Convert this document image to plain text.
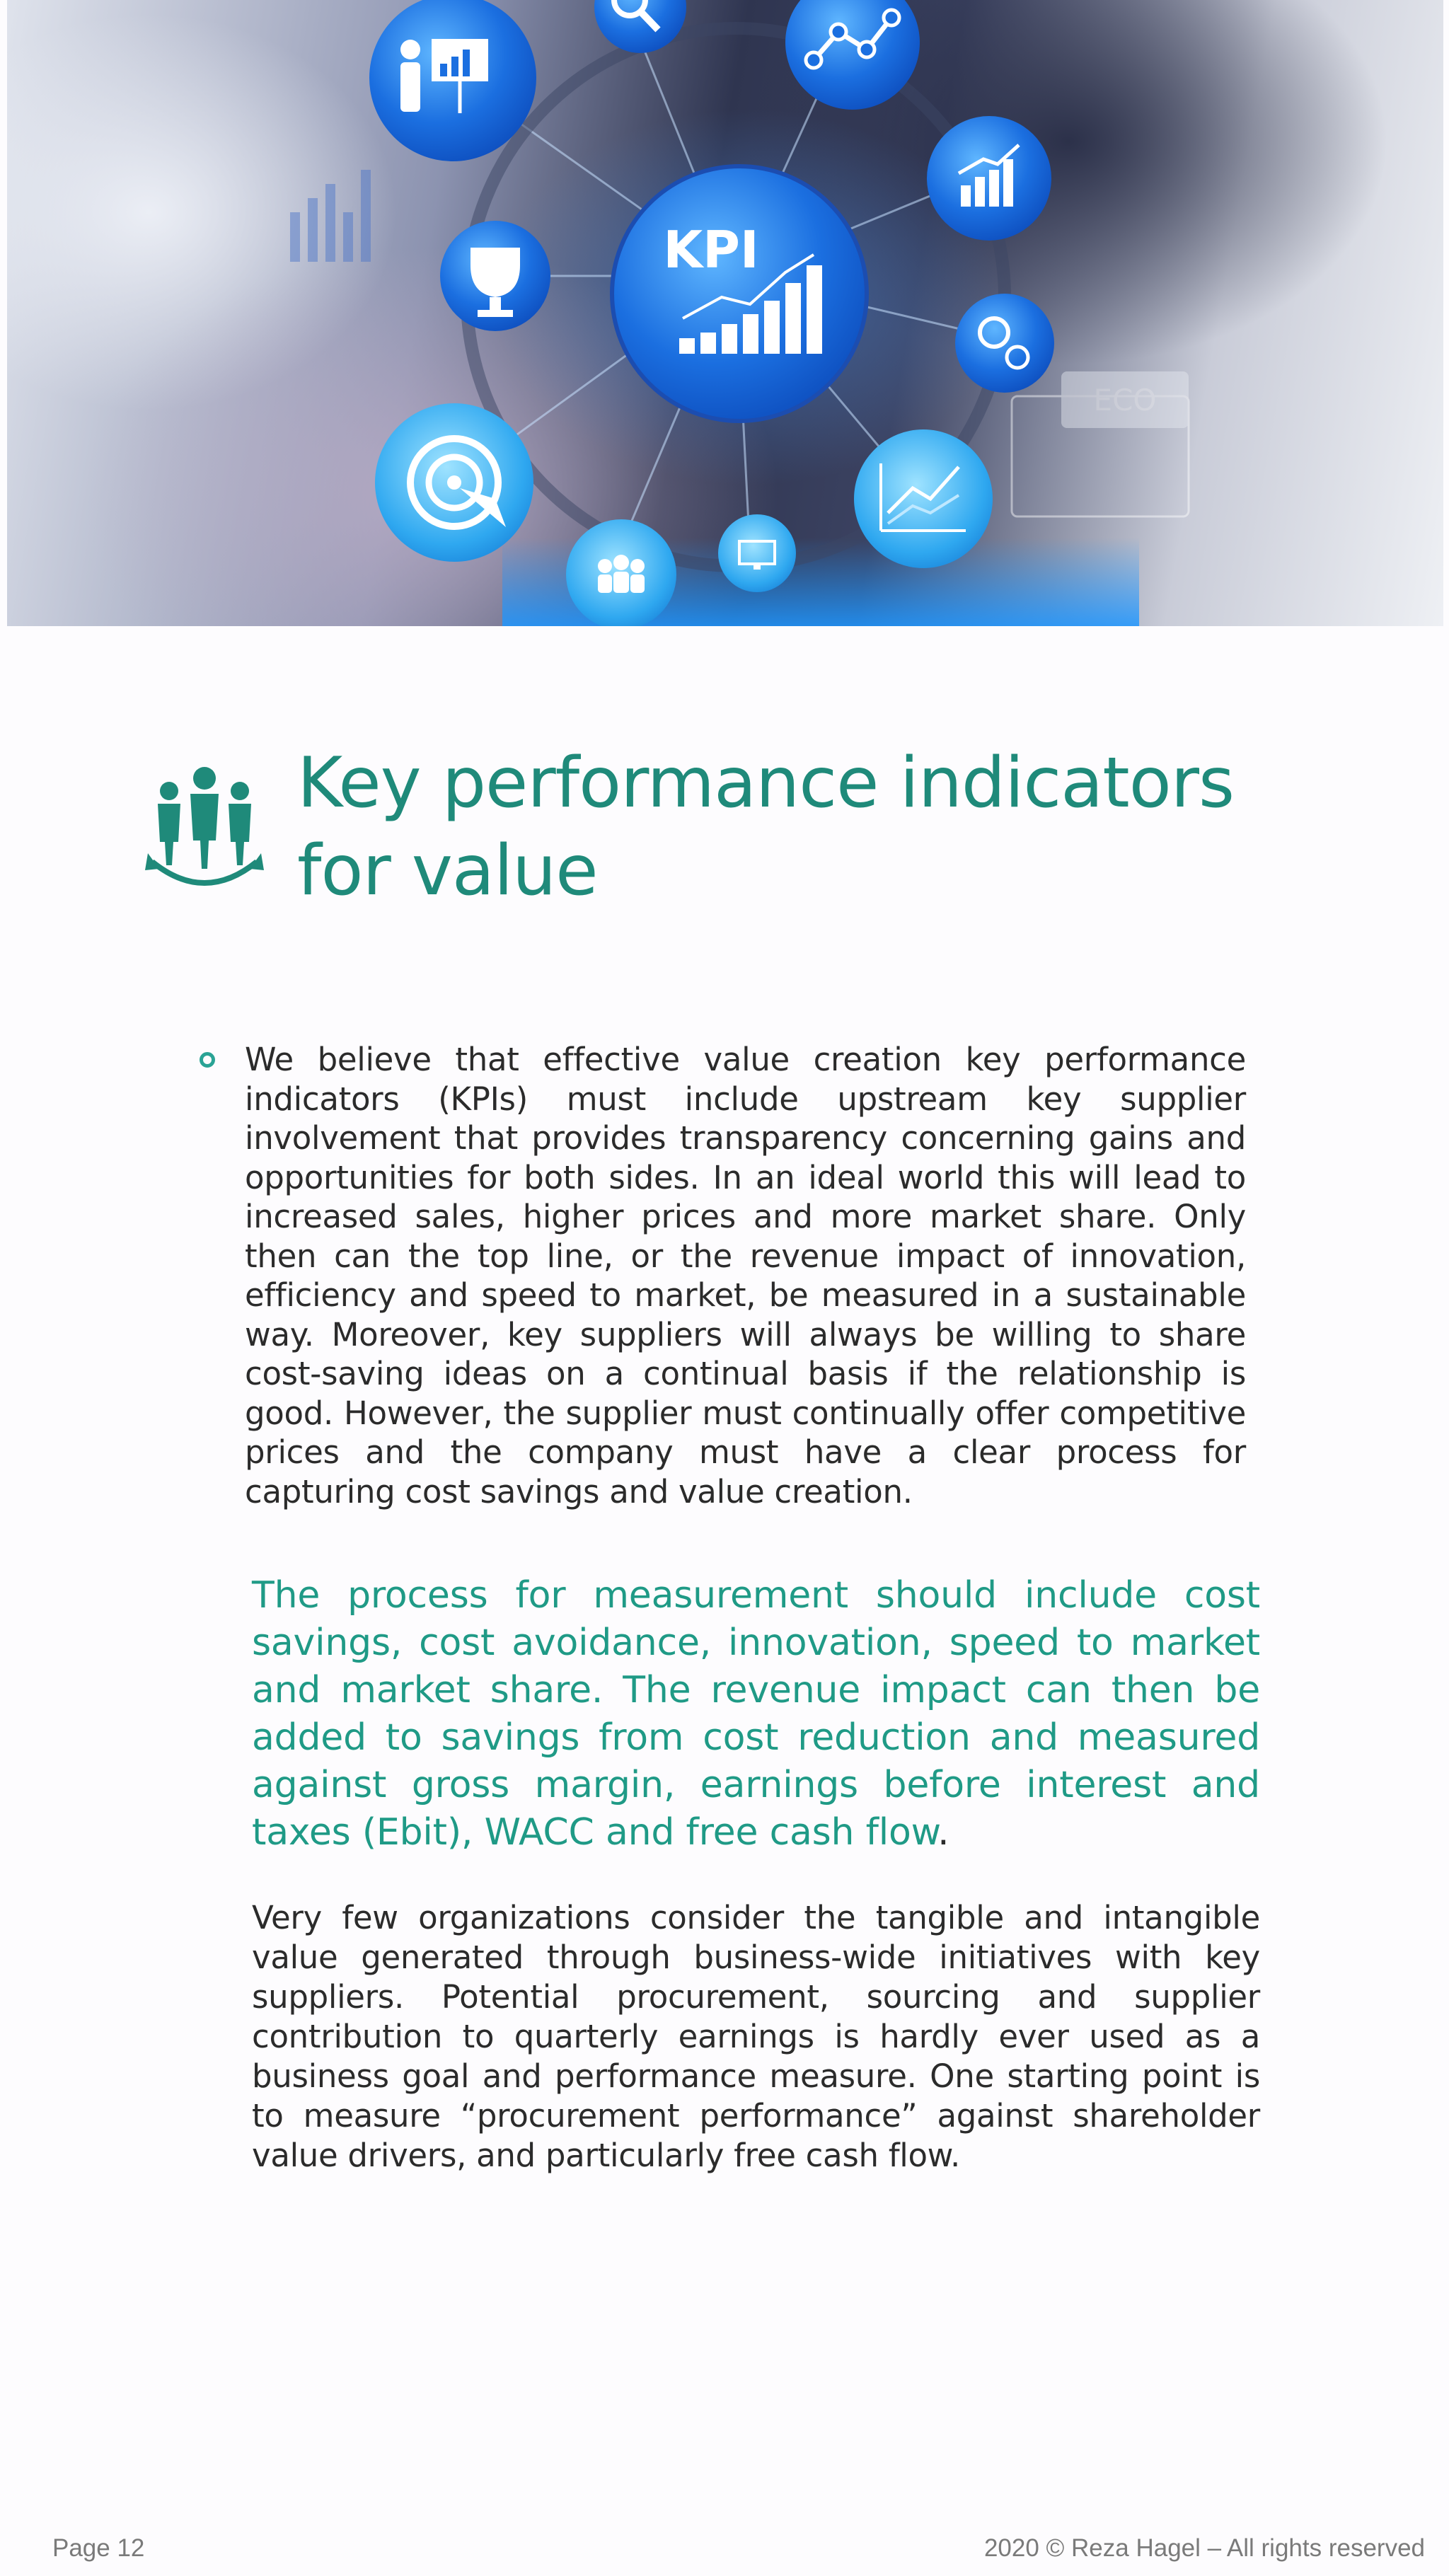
KPI
ECO
Key performance indicators for value

We believe that effective value creation key performance indicators (KPIs) must include upstream key supplier involvement that provides transparency concerning gains and opportunities for both sides. In an ideal world this will lead to increased sales, higher prices and more market share. Only then can the top line, or the revenue impact of innovation, efficiency and speed to market, be measured in a sustainable way. Moreover, key suppliers will always be willing to share cost-saving ideas on a continual basis if the relationship is good. However, the supplier must continually offer competitive prices and the company must have a clear process for capturing cost savings and value creation.

The process for measurement should include cost savings, cost avoidance, innovation, speed to market and market share. The revenue impact can then be added to savings from cost reduction and measured against gross margin, earnings before interest and taxes (Ebit), WACC and free cash flow.

Very few organizations consider the tangible and intangible value generated through business-wide initiatives with key suppliers. Potential procurement, sourcing and supplier contribution to quarterly earnings is hardly ever used as a business goal and performance measure. One starting point is to measure “procurement performance” against shareholder value drivers, and particularly free cash flow.

Page 12	2020 © Reza Hagel – All rights reserved
